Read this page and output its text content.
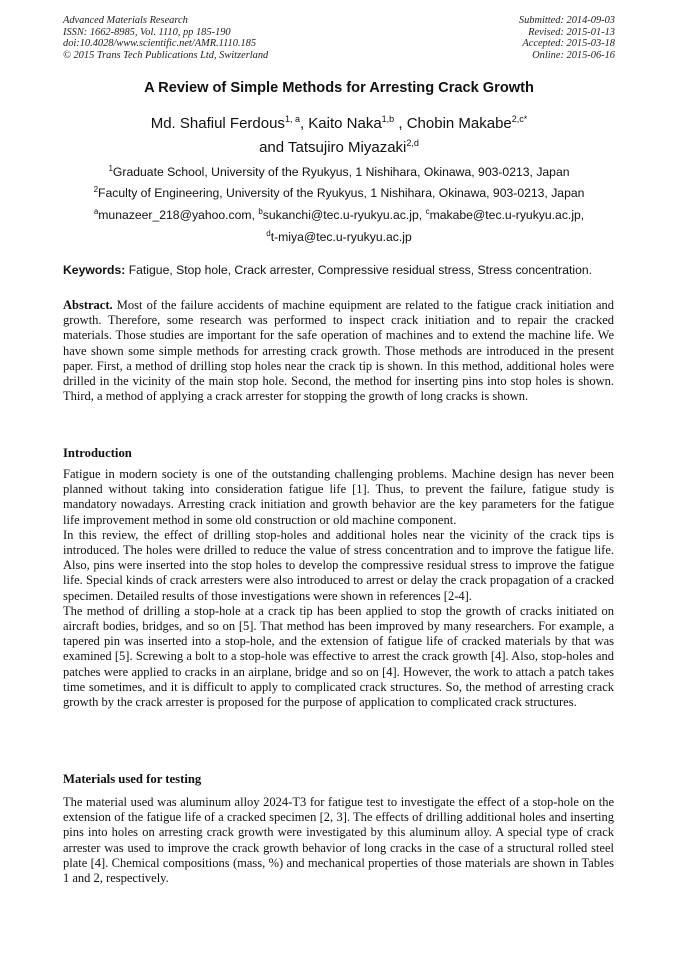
Advanced Materials Research
ISSN: 1662-8985, Vol. 1110, pp 185-190
doi:10.4028/www.scientific.net/AMR.1110.185
© 2015 Trans Tech Publications Ltd, Switzerland
Submitted: 2014-09-03
Revised: 2015-01-13
Accepted: 2015-03-18
Online: 2015-06-16
A Review of Simple Methods for Arresting Crack Growth
Md. Shafiul Ferdous$^{1, a}$, Kaito Naka$^{1,b}$ , Chobin Makabe$^{2,c*}$
and Tatsujiro Miyazaki$^{2,d}$
$^1$Graduate School, University of the Ryukyus, 1 Nishihara, Okinawa, 903-0213, Japan
$^2$Faculty of Engineering, University of the Ryukyus, 1 Nishihara, Okinawa, 903-0213, Japan
$^a$munazeer_218@yahoo.com, $^b$sukanchi@tec.u-ryukyu.ac.jp, $^c$makabe@tec.u-ryukyu.ac.jp,
$^d$t-miya@tec.u-ryukyu.ac.jp
Keywords: Fatigue, Stop hole, Crack arrester, Compressive residual stress, Stress concentration.

Abstract. Most of the failure accidents of machine equipment are related to the fatigue crack initiation and growth. Therefore, some research was performed to inspect crack initiation and to repair the cracked materials. Those studies are important for the safe operation of machines and to extend the machine life. We have shown some simple methods for arresting crack growth. Those methods are introduced in the present paper. First, a method of drilling stop holes near the crack tip is shown. In this method, additional holes were drilled in the vicinity of the main stop hole. Second, the method for inserting pins into stop holes is shown. Third, a method of applying a crack arrester for stopping the growth of long cracks is shown.

Introduction

Fatigue in modern society is one of the outstanding challenging problems. Machine design has never been planned without taking into consideration fatigue life [1]. Thus, to prevent the failure, fatigue study is mandatory nowadays. Arresting crack initiation and growth behavior are the key parameters for the fatigue life improvement method in some old construction or old machine component.

In this review, the effect of drilling stop-holes and additional holes near the vicinity of the crack tips is introduced. The holes were drilled to reduce the value of stress concentration and to improve the fatigue life. Also, pins were inserted into the stop holes to develop the compressive residual stress to improve the fatigue life. Special kinds of crack arresters were also introduced to arrest or delay the crack propagation of a cracked specimen. Detailed results of those investigations were shown in references [2-4].

The method of drilling a stop-hole at a crack tip has been applied to stop the growth of cracks initiated on aircraft bodies, bridges, and so on [5]. That method has been improved by many researchers. For example, a tapered pin was inserted into a stop-hole, and the extension of fatigue life of cracked materials by that was examined [5]. Screwing a bolt to a stop-hole was effective to arrest the crack growth [4]. Also, stop-holes and patches were applied to cracks in an airplane, bridge and so on [4]. However, the work to attach a patch takes time sometimes, and it is difficult to apply to complicated crack structures. So, the method of arresting crack growth by the crack arrester is proposed for the purpose of application to complicated crack structures.

Materials used for testing

The material used was aluminum alloy 2024-T3 for fatigue test to investigate the effect of a stop-hole on the extension of the fatigue life of a cracked specimen [2, 3]. The effects of drilling additional holes and inserting pins into holes on arresting crack growth were investigated by this aluminum alloy. A special type of crack arrester was used to improve the crack growth behavior of long cracks in the case of a structural rolled steel plate [4]. Chemical compositions (mass, %) and mechanical properties of those materials are shown in Tables 1 and 2, respectively.
